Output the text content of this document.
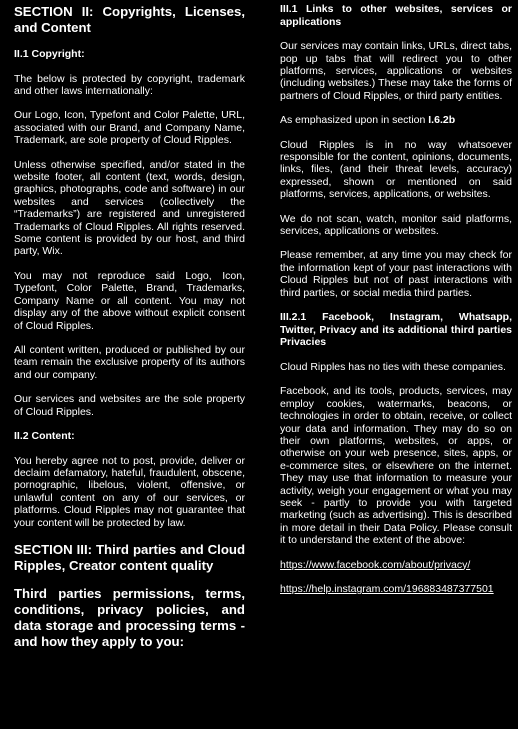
SECTION II: Copyrights, Licenses, and Content
II.1 Copyright:

The below is protected by copyright, trademark and other laws internationally:

Our Logo, Icon, Typefont and Color Palette, URL, associated with our Brand, and Company Name, Trademark, are sole property of Cloud Ripples.

Unless otherwise specified, and/or stated in the website footer, all content (text, words, design, graphics, photographs, code and software) in our websites and services (collectively the “Trademarks”) are registered and unregistered Trademarks of Cloud Ripples. All rights reserved. Some content is provided by our host, and third party, Wix.

You may not reproduce said Logo, Icon, Typefont, Color Palette, Brand, Trademarks, Company Name or all content. You may not display any of the above without explicit consent of Cloud Ripples.

All content written, produced or published by our team remain the exclusive property of its authors and our company.

Our services and websites are the sole property of Cloud Ripples.

II.2 Content:

You hereby agree not to post, provide, deliver or declaim defamatory, hateful, fraudulent, obscene, pornographic, libelous, violent, offensive, or unlawful content on any of our services, or platforms. Cloud Ripples may not guarantee that your content will be protected by law.

SECTION III: Third parties and Cloud Ripples, Creator content quality
Third parties permissions, terms, conditions, privacy policies, and data storage and processing terms - and how they apply to you:
III.1 Links to other websites, services or applications

Our services may contain links, URLs, direct tabs, pop up tabs that will redirect you to other platforms, services, applications or websites (including websites.) These may take the forms of partners of Cloud Ripples, or third party entities.

As emphasized upon in section I.6.2b

Cloud Ripples is in no way whatsoever responsible for the content, opinions, documents, links, files, (and their threat levels, accuracy) expressed, shown or mentioned on said platforms, services, applications, or websites.

We do not scan, watch, monitor said platforms, services, applications or websites.

Please remember, at any time you may check for the information kept of your past interactions with Cloud Ripples but not of past interactions with third parties, or social media third parties.

III.2.1 Facebook, Instagram, Whatsapp, Twitter, Privacy and its additional third parties Privacies

Cloud Ripples has no ties with these companies.

Facebook, and its tools, products, services, may employ cookies, watermarks, beacons, or technologies in order to obtain, receive, or collect your data and information. They may do so on their own platforms, websites, or apps, or otherwise on your web presence, sites, apps, or e-commerce sites, or elsewhere on the internet. They may use that information to measure your activity, weigh your engagement or what you may seek - partly to provide you with targeted marketing (such as advertising). This is described in more detail in their Data Policy. Please consult it to understand the extent of the above:

https://www.facebook.com/about/privacy/
https://help.instagram.com/196883487377501
